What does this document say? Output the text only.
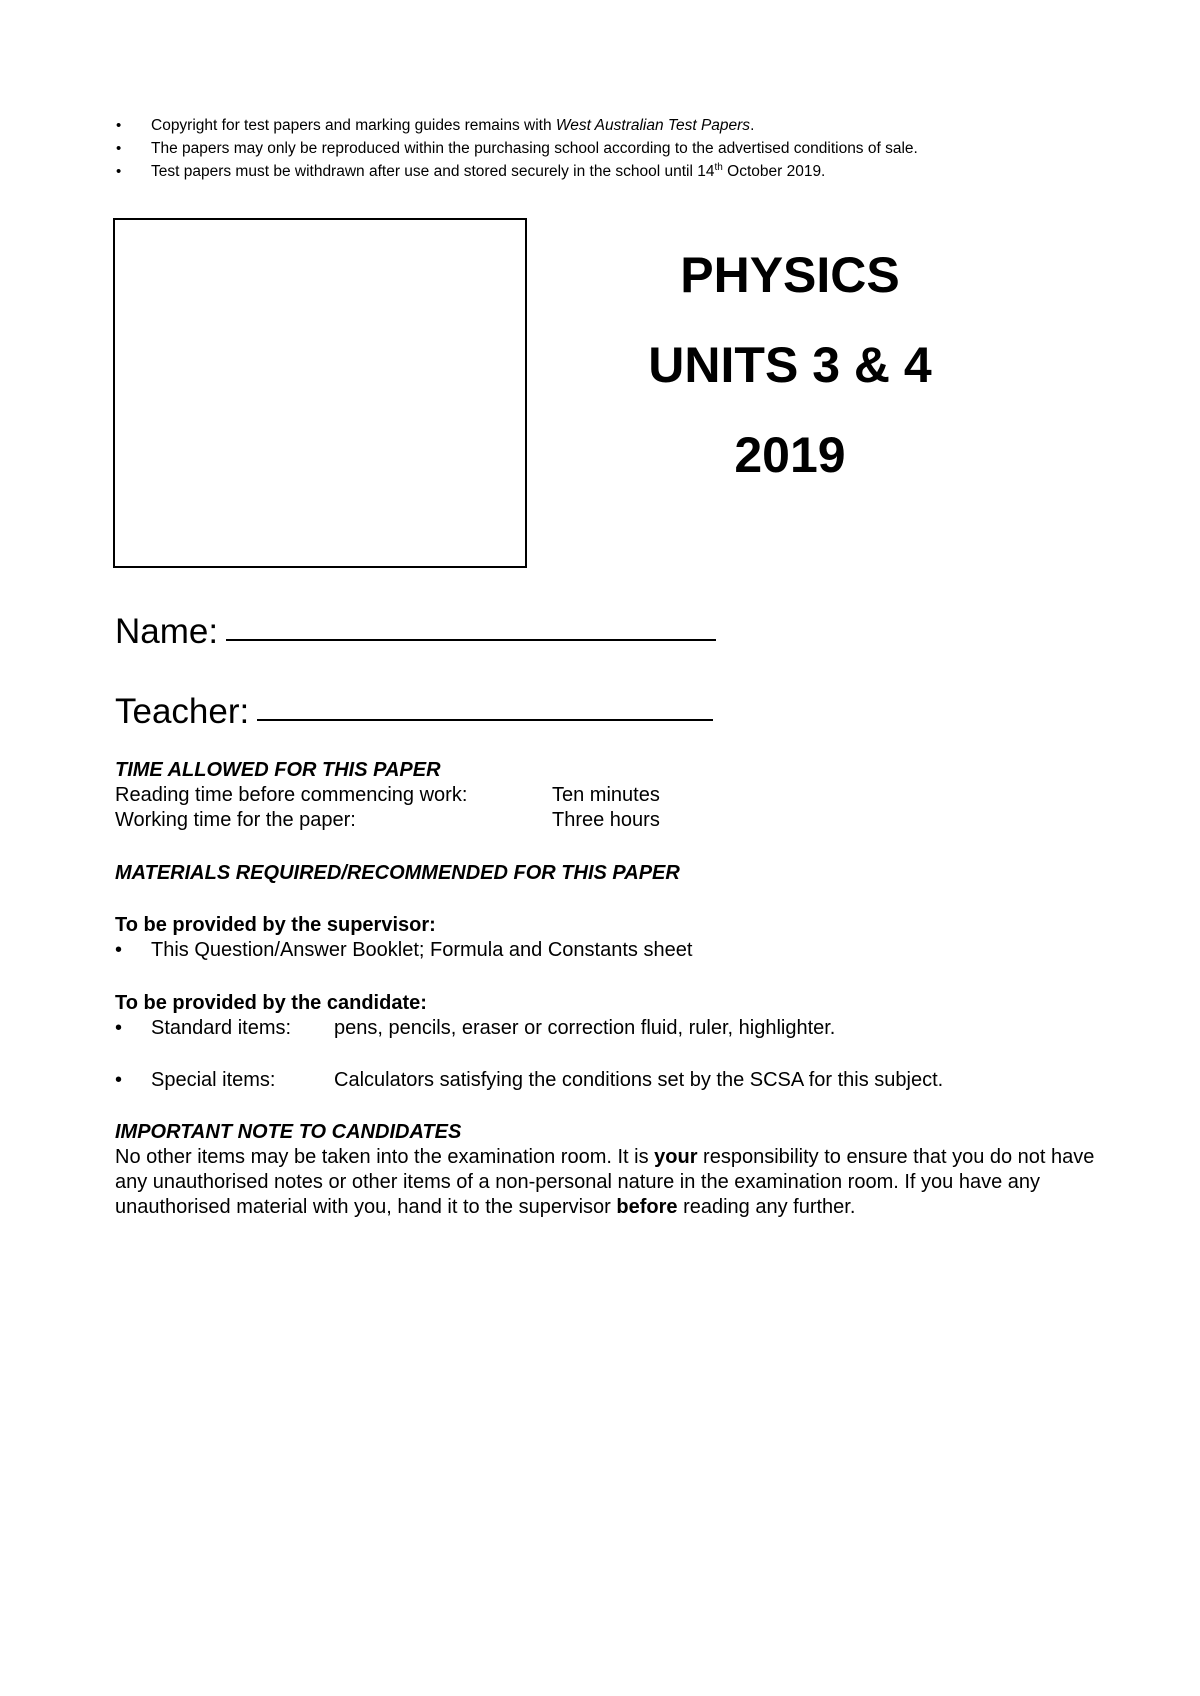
• Copyright for test papers and marking guides remains with West Australian Test Papers.
• The papers may only be reproduced within the purchasing school according to the advertised conditions of sale.
• Test papers must be withdrawn after use and stored securely in the school until 14th October 2019.
PHYSICS
UNITS 3 & 4
2019
Name:
Teacher:
TIME ALLOWED FOR THIS PAPER
Reading time before commencing work:	Ten minutes
Working time for the paper:	Three hours
MATERIALS REQUIRED/RECOMMENDED FOR THIS PAPER
To be provided by the supervisor:
• This Question/Answer Booklet; Formula and Constants sheet
To be provided by the candidate:
• Standard items:	pens, pencils, eraser or correction fluid, ruler, highlighter.
• Special items:	Calculators satisfying the conditions set by the SCSA for this subject.
IMPORTANT NOTE TO CANDIDATES
No other items may be taken into the examination room. It is your responsibility to ensure that you do not have any unauthorised notes or other items of a non-personal nature in the examination room. If you have any unauthorised material with you, hand it to the supervisor before reading any further.
